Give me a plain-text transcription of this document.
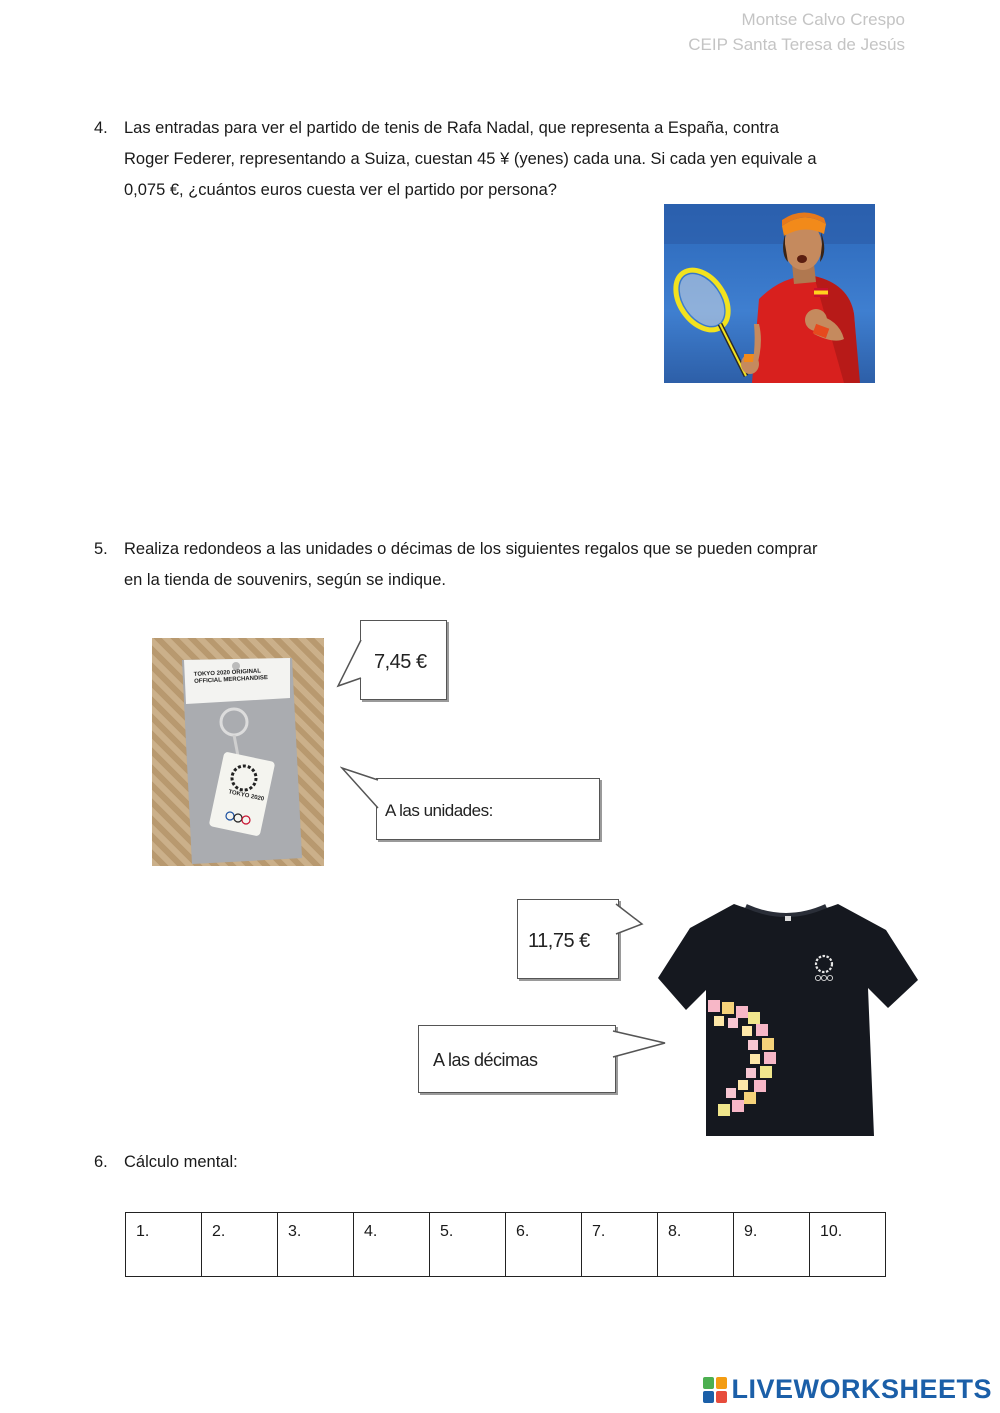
Montse Calvo Crespo
CEIP Santa Teresa de Jesús
4. Las entradas para ver el partido de tenis de Rafa Nadal, que representa a España, contra

Roger Federer, representando a Suiza, cuestan 45 ¥ (yenes) cada una. Si cada yen equivale a

0,075 €, ¿cuántos euros cuesta ver el partido por persona?

5. Realiza redondeos a las unidades o décimas de los siguientes regalos que se pueden comprar

en la tienda de souvenirs, según se indique.

TOKYO 2020 ORIGINAL
OFFICIAL MERCHANDISE
TOKYO 2020
7,45 €
A las unidades:
11,75 €
A las décimas
6. Cálculo mental:

1.	2.	3.	4.	5.	6.	7.	8.	9.	10.
LIVEWORKSHEETS
